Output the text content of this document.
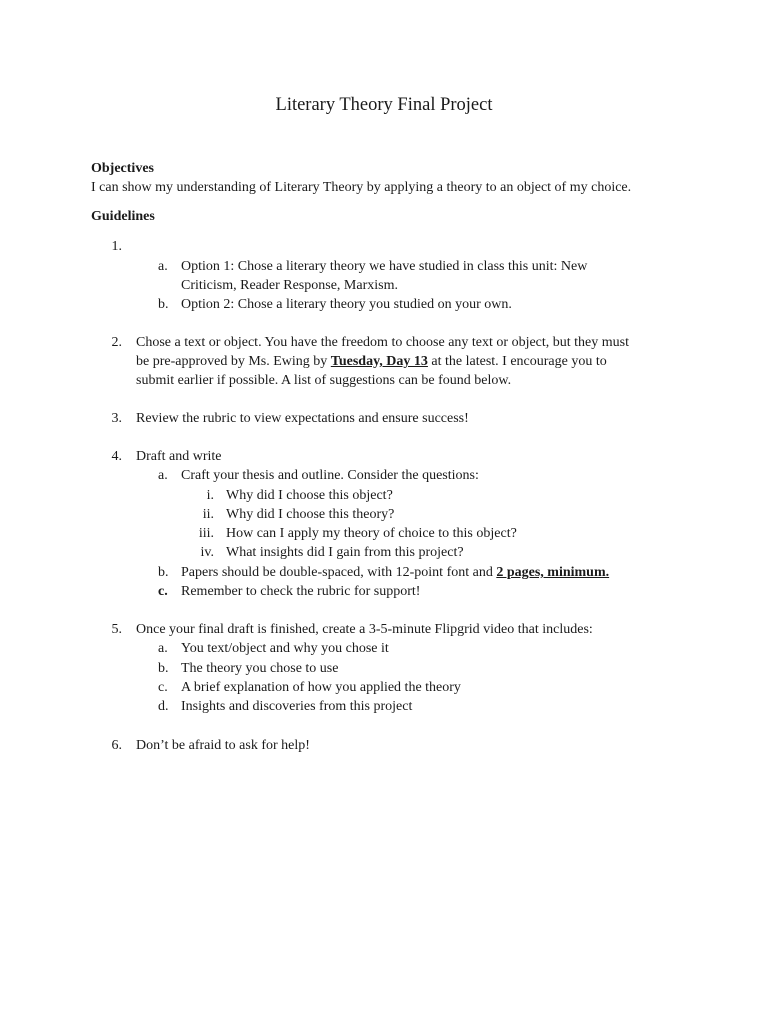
Literary Theory Final Project
Objectives
I can show my understanding of Literary Theory by applying a theory to an object of my choice.
Guidelines
1.
a. Option 1: Chose a literary theory we have studied in class this unit: New
Criticism, Reader Response, Marxism.
b. Option 2: Chose a literary theory you studied on your own.
2. Chose a text or object. You have the freedom to choose any text or object, but they must
be pre-approved by Ms. Ewing by Tuesday, Day 13 at the latest. I encourage you to
submit earlier if possible. A list of suggestions can be found below.
3. Review the rubric to view expectations and ensure success!
4. Draft and write
a. Craft your thesis and outline. Consider the questions:
i. Why did I choose this object?
ii. Why did I choose this theory?
iii. How can I apply my theory of choice to this object?
iv. What insights did I gain from this project?
b. Papers should be double-spaced, with 12-point font and 2 pages, minimum.
c. Remember to check the rubric for support!
5. Once your final draft is finished, create a 3-5-minute Flipgrid video that includes:
a. You text/object and why you chose it
b. The theory you chose to use
c. A brief explanation of how you applied the theory
d. Insights and discoveries from this project
6. Don’t be afraid to ask for help!
